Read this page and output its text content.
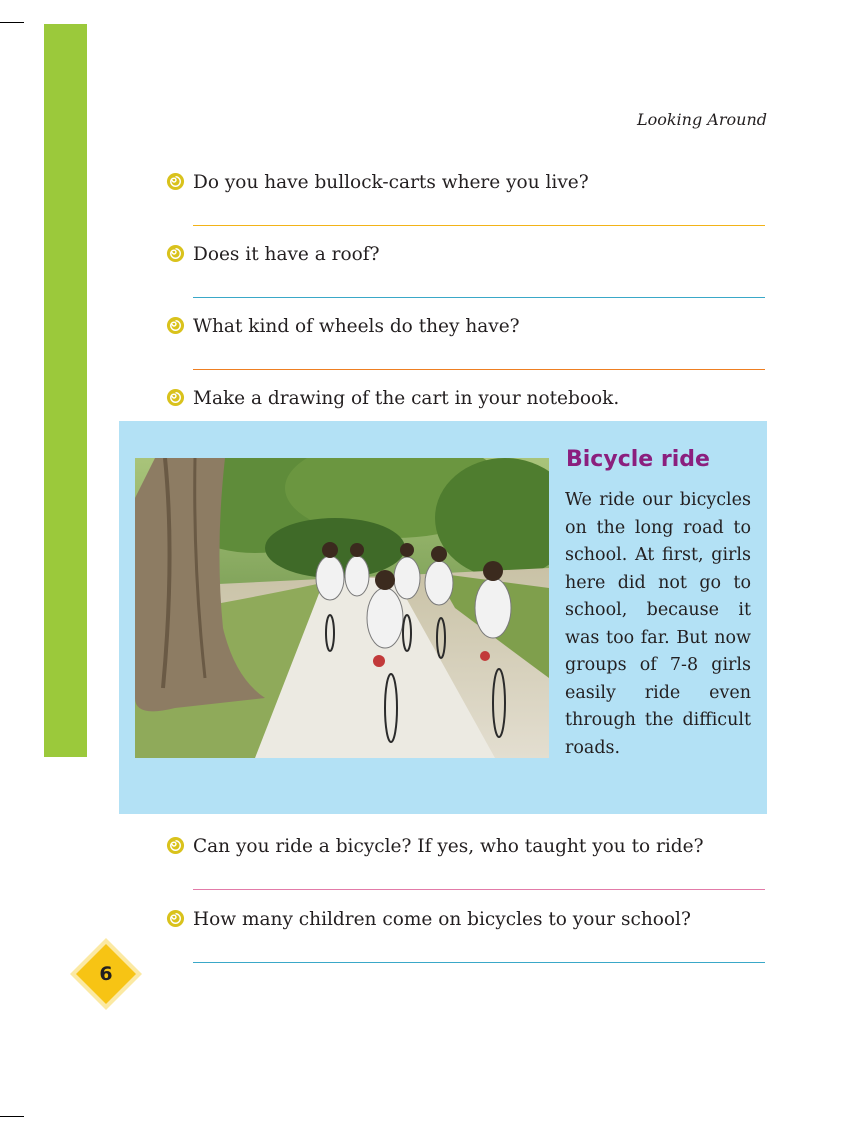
Looking Around
Do you have bullock-carts where you live?
Does it have a roof?
What kind of wheels do they have?
Make a drawing of the cart in your notebook.
Bicycle ride
We ride our bicycles on the long road to school. At first, girls here did not go to school, because it was too far. But now groups of 7-8 girls easily ride even through the difficult roads.
Can you ride a bicycle? If yes, who taught you to ride?
How many children come on bicycles to your school?
6
